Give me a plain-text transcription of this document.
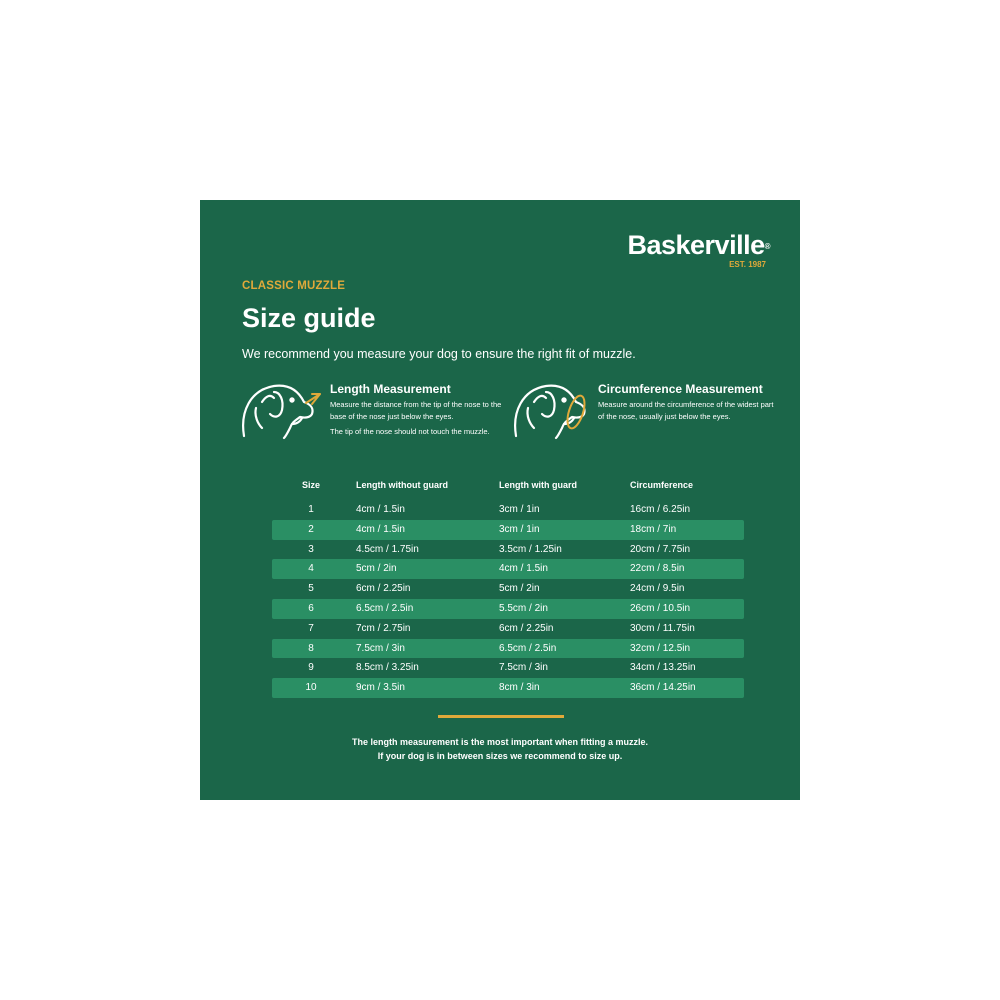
Baskerville®
EST. 1987
CLASSIC MUZZLE
Size guide
We recommend you measure your dog to ensure the right fit of muzzle.
Length Measurement
Measure the distance from the tip of the nose to the base of the nose just below the eyes.
The tip of the nose should not touch the muzzle.
Circumference Measurement
Measure around the circumference of the widest part of the nose, usually just below the eyes.
Size	Length without guard	Length with guard	Circumference
1	4cm / 1.5in	3cm / 1in	16cm / 6.25in
2	4cm / 1.5in	3cm / 1in	18cm / 7in
3	4.5cm / 1.75in	3.5cm / 1.25in	20cm / 7.75in
4	5cm / 2in	4cm / 1.5in	22cm / 8.5in
5	6cm / 2.25in	5cm / 2in	24cm / 9.5in
6	6.5cm / 2.5in	5.5cm / 2in	26cm / 10.5in
7	7cm / 2.75in	6cm / 2.25in	30cm / 11.75in
8	7.5cm / 3in	6.5cm / 2.5in	32cm / 12.5in
9	8.5cm / 3.25in	7.5cm / 3in	34cm / 13.25in
10	9cm / 3.5in	8cm / 3in	36cm / 14.25in
The length measurement is the most important when fitting a muzzle.
If your dog is in between sizes we recommend to size up.
